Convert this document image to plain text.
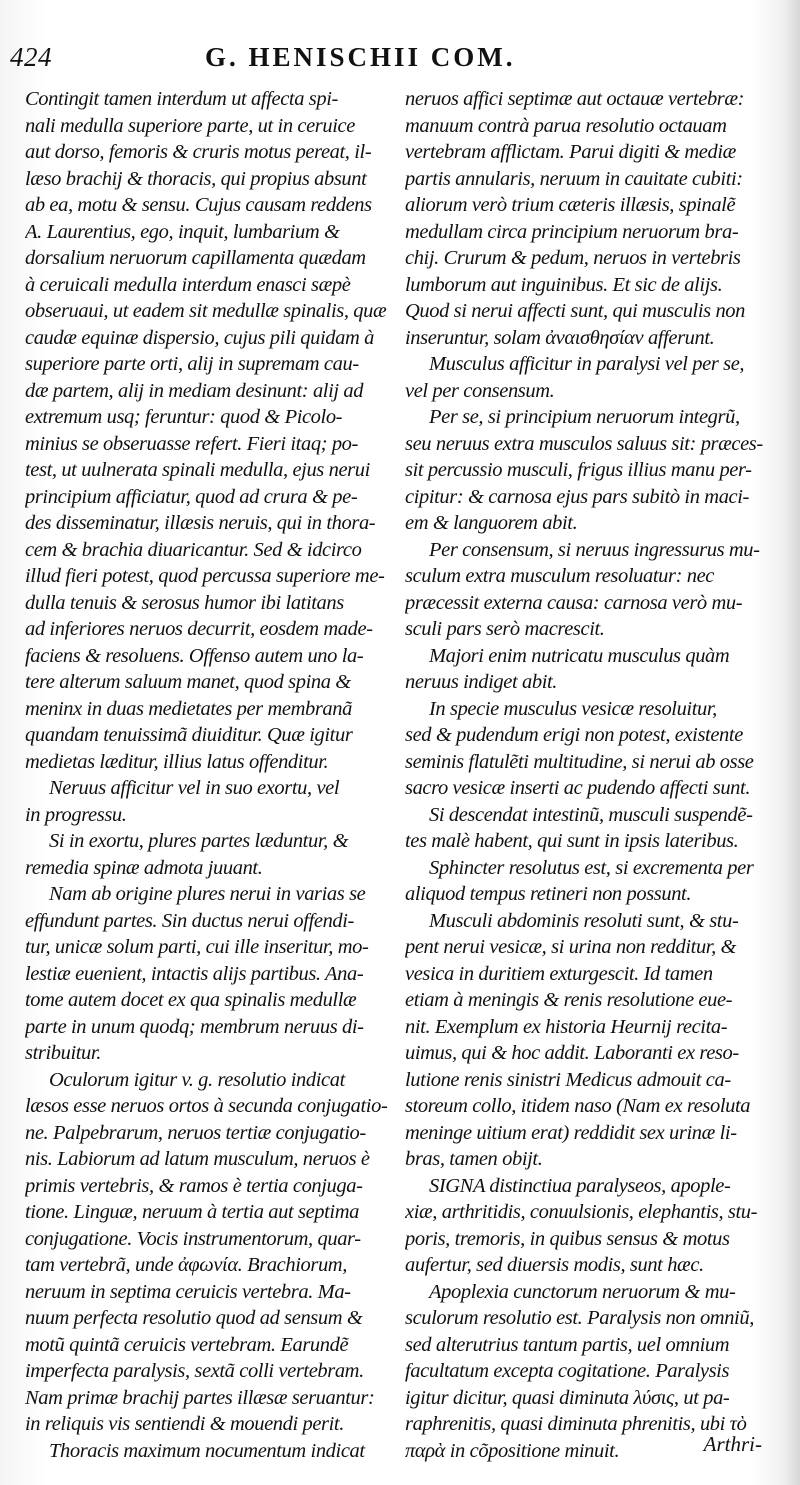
424	G. HENISCHII COM.
Contingit tamen interdum ut affecta spi-
nali medulla superiore parte, ut in ceruice
aut dorso, femoris & cruris motus pereat, il-
læso brachij & thoracis, qui propius absunt
ab ea, motu & sensu. Cujus causam reddens
A. Laurentius, ego, inquit, lumbarium &
dorsalium neruorum capillamenta quædam
à ceruicali medulla interdum enasci sæpè
obseruaui, ut eadem sit medullæ spinalis, quæ
caudæ equinæ dispersio, cujus pili quidam à
superiore parte orti, alij in supremam cau-
dæ partem, alij in mediam desinunt: alij ad
extremum usq; feruntur: quod & Picolo-
minius se obseruasse refert. Fieri itaq; po-
test, ut uulnerata spinali medulla, ejus nerui
principium afficiatur, quod ad crura & pe-
des disseminatur, illæsis neruis, qui in thora-
cem & brachia diuaricantur. Sed & idcirco
illud fieri potest, quod percussa superiore me-
dulla tenuis & serosus humor ibi latitans
ad inferiores neruos decurrit, eosdem made-
faciens & resoluens. Offenso autem uno la-
tere alterum saluum manet, quod spina &
meninx in duas medietates per membranã
quandam tenuissimã diuiditur. Quæ igitur
medietas læditur, illius latus offenditur.
Neruus afficitur vel in suo exortu, vel
in progressu.
Si in exortu, plures partes læduntur, &
remedia spinæ admota juuant.
Nam ab origine plures nerui in varias se
effundunt partes. Sin ductus nerui offendi-
tur, unicæ solum parti, cui ille inseritur, mo-
lestiæ euenient, intactis alijs partibus. Ana-
tome autem docet ex qua spinalis medullæ
parte in unum quodq; membrum neruus di-
stribuitur.
Oculorum igitur v. g. resolutio indicat
læsos esse neruos ortos à secunda conjugatio-
ne. Palpebrarum, neruos tertiæ conjugatio-
nis. Labiorum ad latum musculum, neruos è
primis vertebris, & ramos è tertia conjuga-
tione. Linguæ, neruum à tertia aut septima
conjugatione. Vocis instrumentorum, quar-
tam vertebrã, unde ἀφωνία. Brachiorum,
neruum in septima ceruicis vertebra. Ma-
nuum perfecta resolutio quod ad sensum &
motũ quintã ceruicis vertebram. Earundẽ
imperfecta paralysis, sextã colli vertebram.
Nam primæ brachij partes illæsæ seruantur:
in reliquis vis sentiendi & mouendi perit.
Thoracis maximum nocumentum indicat
neruos affici septimæ aut octauæ vertebræ:
manuum contrà parua resolutio octauam
vertebram afflictam. Parui digiti & mediæ
partis annularis, neruum in cauitate cubiti:
aliorum verò trium cæteris illæsis, spinalẽ
medullam circa principium neruorum bra-
chij. Crurum & pedum, neruos in vertebris
lumborum aut inguinibus. Et sic de alijs.
Quod si nerui affecti sunt, qui musculis non
inseruntur, solam ἀναισθησίαν afferunt.
Musculus afficitur in paralysi vel per se,
vel per consensum.
Per se, si principium neruorum integrũ,
seu neruus extra musculos saluus sit: præces-
sit percussio musculi, frigus illius manu per-
cipitur: & carnosa ejus pars subitò in maci-
em & languorem abit.
Per consensum, si neruus ingressurus mu-
sculum extra musculum resoluatur: nec
præcessit externa causa: carnosa verò mu-
sculi pars serò macrescit.
Majori enim nutricatu musculus quàm
neruus indiget abit.
In specie musculus vesicæ resoluitur,
sed & pudendum erigi non potest, existente
seminis flatulẽti multitudine, si nerui ab osse
sacro vesicæ inserti ac pudendo affecti sunt.
Si descendat intestinũ, musculi suspendẽ-
tes malè habent, qui sunt in ipsis lateribus.
Sphincter resolutus est, si excrementa per
aliquod tempus retineri non possunt.
Musculi abdominis resoluti sunt, & stu-
pent nerui vesicæ, si urina non redditur, &
vesica in duritiem exturgescit. Id tamen
etiam à meningis & renis resolutione eue-
nit. Exemplum ex historia Heurnij recita-
uimus, qui & hoc addit. Laboranti ex reso-
lutione renis sinistri Medicus admouit ca-
storeum collo, itidem naso (Nam ex resoluta
meninge uitium erat) reddidit sex urinæ li-
bras, tamen obijt.
SIGNA distinctiua paralyseos, apople-
xiæ, arthritidis, conuulsionis, elephantis, stu-
poris, tremoris, in quibus sensus & motus
aufertur, sed diuersis modis, sunt hæc.
Apoplexia cunctorum neruorum & mu-
sculorum resolutio est. Paralysis non omniũ,
sed alterutrius tantum partis, uel omnium
facultatum excepta cogitatione. Paralysis
igitur dicitur, quasi diminuta λύσις, ut pa-
raphrenitis, quasi diminuta phrenitis, ubi τὸ
παρὰ in cõpositione minuit.	Arthri-
